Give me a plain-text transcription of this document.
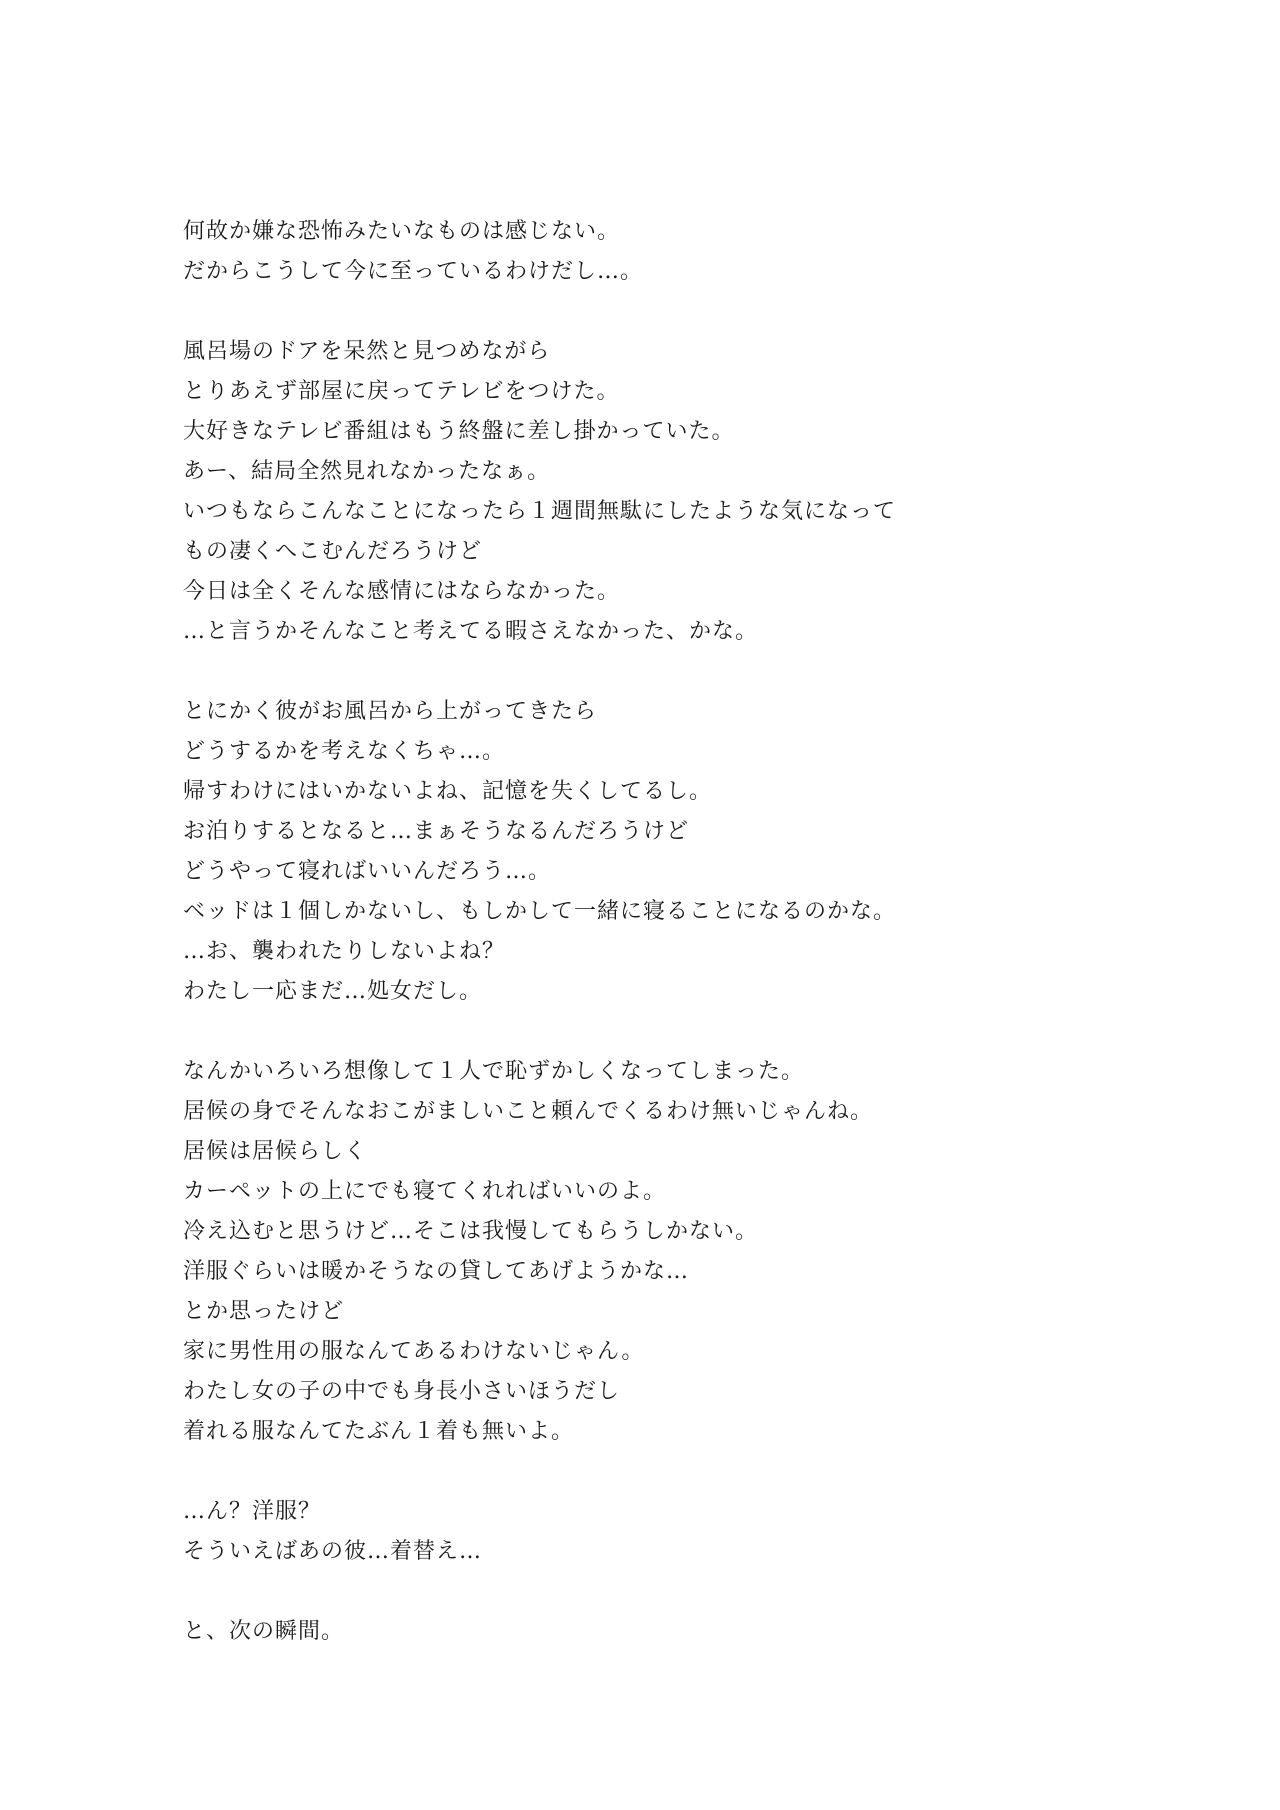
何故か嫌な恐怖みたいなものは感じない。
だからこうして今に至っているわけだし…。
風呂場のドアを呆然と見つめながら
とりあえず部屋に戻ってテレビをつけた。
大好きなテレビ番組はもう終盤に差し掛かっていた。
あー、結局全然見れなかったなぁ。
いつもならこんなことになったら１週間無駄にしたような気になって
もの凄くへこむんだろうけど
今日は全くそんな感情にはならなかった。
…と言うかそんなこと考えてる暇さえなかった、かな。
とにかく彼がお風呂から上がってきたら
どうするかを考えなくちゃ…。
帰すわけにはいかないよね、記憶を失くしてるし。
お泊りするとなると…まぁそうなるんだろうけど
どうやって寝ればいいんだろう…。
ベッドは１個しかないし、もしかして一緒に寝ることになるのかな。
…お、襲われたりしないよね？
わたし一応まだ…処女だし。
なんかいろいろ想像して１人で恥ずかしくなってしまった。
居候の身でそんなおこがましいこと頼んでくるわけ無いじゃんね。
居候は居候らしく
カーペットの上にでも寝てくれればいいのよ。
冷え込むと思うけど…そこは我慢してもらうしかない。
洋服ぐらいは暖かそうなの貸してあげようかな…
とか思ったけど
家に男性用の服なんてあるわけないじゃん。
わたし女の子の中でも身長小さいほうだし
着れる服なんてたぶん１着も無いよ。
…ん？洋服？
そういえばあの彼…着替え…
と、次の瞬間。
